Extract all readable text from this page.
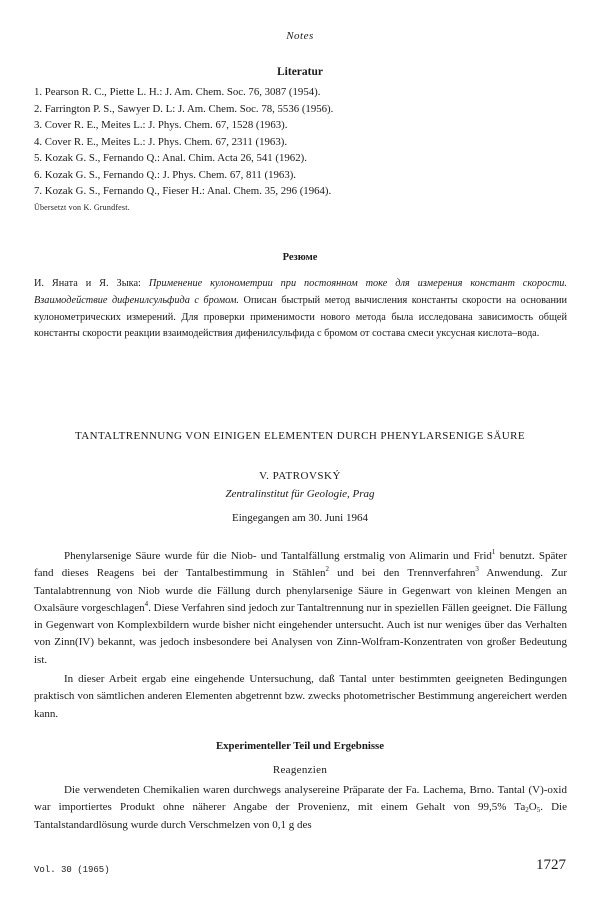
Notes

Literatur

1. Pearson R. C., Piette L. H.: J. Am. Chem. Soc. 76, 3087 (1954).
2. Farrington P. S., Sawyer D. L: J. Am. Chem. Soc. 78, 5536 (1956).
3. Cover R. E., Meites L.: J. Phys. Chem. 67, 1528 (1963).
4. Cover R. E., Meites L.: J. Phys. Chem. 67, 2311 (1963).
5. Kozak G. S., Fernando Q.: Anal. Chim. Acta 26, 541 (1962).
6. Kozak G. S., Fernando Q.: J. Phys. Chem. 67, 811 (1963).
7. Kozak G. S., Fernando Q., Fieser H.: Anal. Chem. 35, 296 (1964).

Übersetzt von K. Grundfest.

Резюме

И. Яната и Я. Зыка: Применение кулонометрии при постоянном токе для измерения констант скорости. Взаимодействие дифенилсульфида с бромом. Описан быстрый метод вычисления константы скорости на основании кулонометрических измерений. Для проверки применимости нового метода была исследована зависимость общей константы скорости реакции взаимодействия дифенилсульфида с бромом от состава смеси уксусная кислота–вода.

TANTALTRENNUNG VON EINIGEN ELEMENTEN DURCH PHENYLARSENIGE SÄURE

V. PATROVSKÝ

Zentralinstitut für Geologie, Prag

Eingegangen am 30. Juni 1964

Phenylarsenige Säure wurde für die Niob- und Tantalfällung erstmalig von Alimarin und Frid$^1$ benutzt. Später fand dieses Reagens bei der Tantalbestimmung in Stählen$^2$ und bei den Trennverfahren$^3$ Anwendung. Zur Tantalabtrennung von Niob wurde die Fällung durch phenylarsenige Säure in Gegenwart von kleinen Mengen an Oxalsäure vorgeschlagen$^4$. Diese Verfahren sind jedoch zur Tantaltrennung nur in speziellen Fällen geeignet. Die Fällung in Gegenwart von Komplexbildern wurde bisher nicht eingehender untersucht. Auch ist nur weniges über das Verhalten von Zinn(IV) bekannt, was jedoch insbesondere bei Analysen von Zinn-Wolfram-Konzentraten von großer Bedeutung ist.

In dieser Arbeit ergab eine eingehende Untersuchung, daß Tantal unter bestimmten geeigneten Bedingungen praktisch von sämtlichen anderen Elementen abgetrennt bzw. zwecks photometrischer Bestimmung angereichert werden kann.

Experimenteller Teil und Ergebnisse

Reagenzien

Die verwendeten Chemikalien waren durchwegs analysereine Präparate der Fa. Lachema, Brno. Tantal (V)-oxid war importiertes Produkt ohne näherer Angabe der Provenienz, mit einem Gehalt von 99,5% $Ta_2O_5$. Die Tantalstandardlösung wurde durch Verschmelzen von 0,1 g des

Vol. 30 (1965)	1727
